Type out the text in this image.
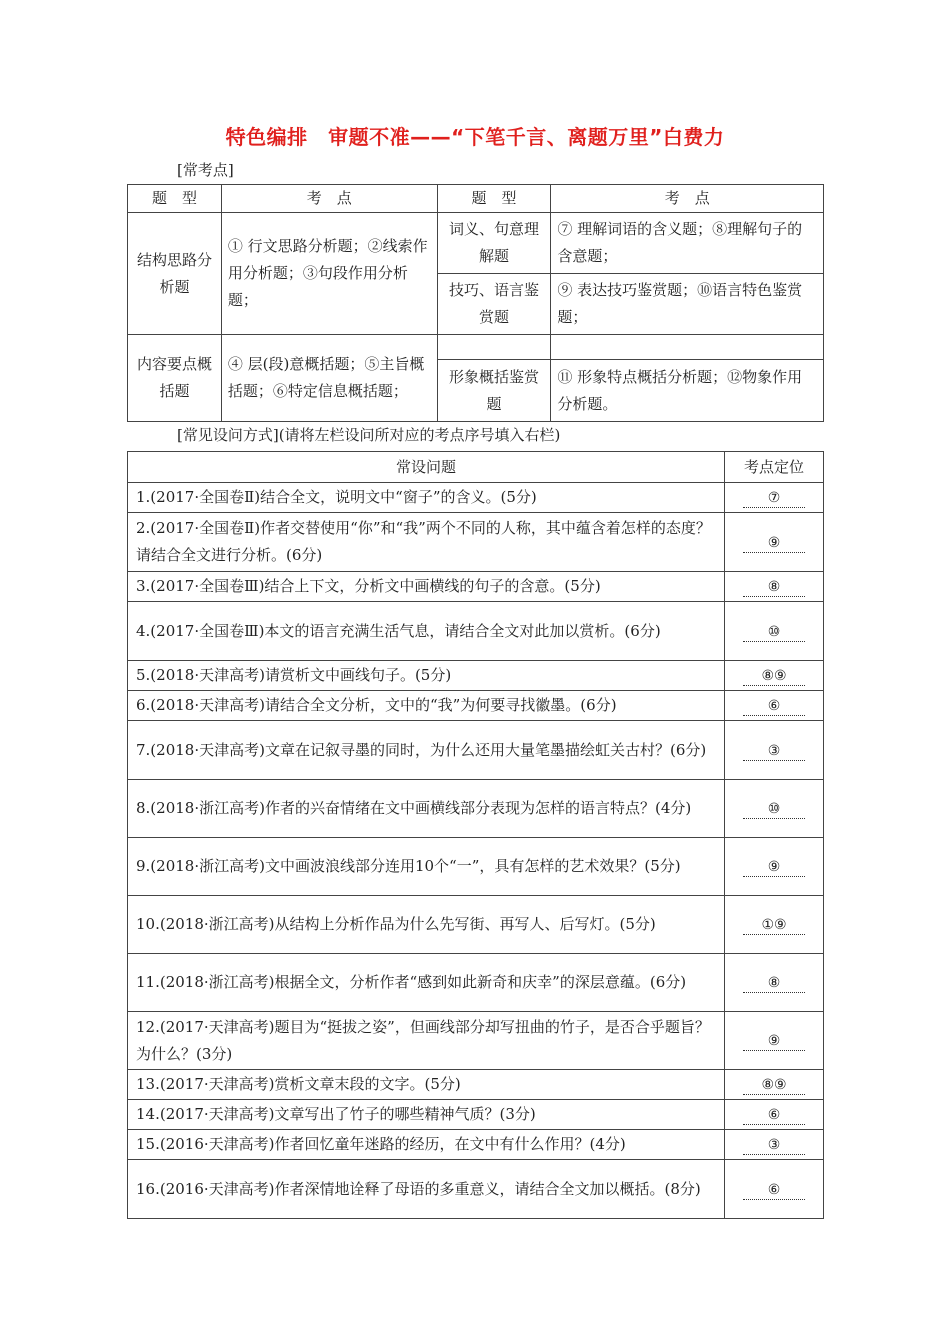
特色编排　审题不准——“下笔千言、离题万里”白费力
[常考点]
题　型	考　点	题　型	考　点
结构思路分析题	① 行文思路分析题；②线索作用分析题；③句段作用分析题；	词义、句意理解题	⑦ 理解词语的含义题；⑧理解句子的含意题；
		技巧、语言鉴赏题	⑨ 表达技巧鉴赏题；⑩语言特色鉴赏题；
内容要点概括题	④ 层(段)意概括题；⑤主旨概括题；⑥特定信息概括题；		
		形象概括鉴赏题	⑪ 形象特点概括分析题；⑫物象作用分析题。
[常见设问方式](请将左栏设问所对应的考点序号填入右栏)
常设问题	考点定位
1.(2017·全国卷Ⅱ)结合全文，说明文中“窗子”的含义。(5分)	⑦
2.(2017·全国卷Ⅱ)作者交替使用“你”和“我”两个不同的人称，其中蕴含着怎样的态度？请结合全文进行分析。(6分)	⑨
3.(2017·全国卷Ⅲ)结合上下文，分析文中画横线的句子的含意。(5分)	⑧
4.(2017·全国卷Ⅲ)本文的语言充满生活气息，请结合全文对此加以赏析。(6分)	⑩
5.(2018·天津高考)请赏析文中画线句子。(5分)	⑧⑨
6.(2018·天津高考)请结合全文分析，文中的“我”为何要寻找徽墨。(6分)	⑥
7.(2018·天津高考)文章在记叙寻墨的同时，为什么还用大量笔墨描绘虹关古村？(6分)	③
8.(2018·浙江高考)作者的兴奋情绪在文中画横线部分表现为怎样的语言特点？(4分)	⑩
9.(2018·浙江高考)文中画波浪线部分连用10个“一”，具有怎样的艺术效果？(5分)	⑨
10.(2018·浙江高考)从结构上分析作品为什么先写街、再写人、后写灯。(5分)	①⑨
11.(2018·浙江高考)根据全文，分析作者“感到如此新奇和庆幸”的深层意蕴。(6分)	⑧
12.(2017·天津高考)题目为“挺拔之姿”，但画线部分却写扭曲的竹子，是否合乎题旨？为什么？(3分)	⑨
13.(2017·天津高考)赏析文章末段的文字。(5分)	⑧⑨
14.(2017·天津高考)文章写出了竹子的哪些精神气质？(3分)	⑥
15.(2016·天津高考)作者回忆童年迷路的经历，在文中有什么作用？(4分)	③
16.(2016·天津高考)作者深情地诠释了母语的多重意义，请结合全文加以概括。(8分)	⑥
